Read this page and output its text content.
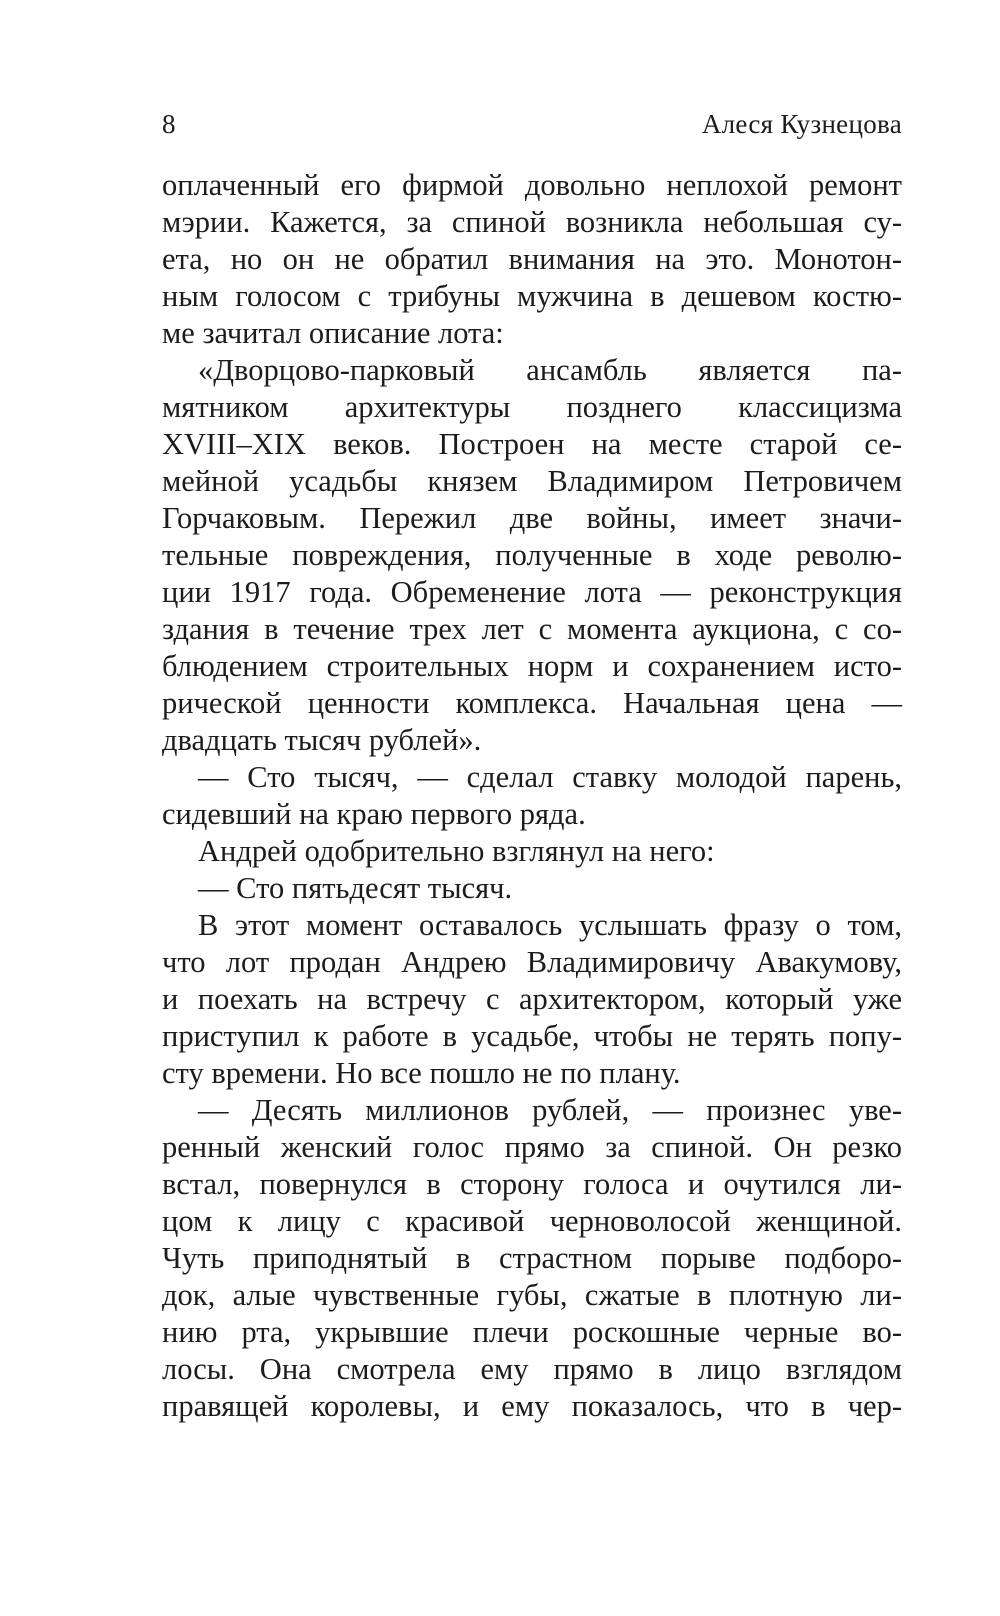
8	Алеся Кузнецова
оплаченный его фирмой довольно неплохой ремонт
мэрии. Кажется, за спиной возникла небольшая су-
ета, но он не обратил внимания на это. Монотон-
ным голосом с трибуны мужчина в дешевом костю-
ме зачитал описание лота:
«Дворцово-парковый ансамбль является па-
мятником архитектуры позднего классицизма
XVIII–XIX веков. Построен на месте старой се-
мейной усадьбы князем Владимиром Петровичем
Горчаковым. Пережил две войны, имеет значи-
тельные повреждения, полученные в ходе револю-
ции 1917 года. Обременение лота — реконструкция
здания в течение трех лет с момента аукциона, с со-
блюдением строительных норм и сохранением исто-
рической ценности комплекса. Начальная цена —
двадцать тысяч рублей».
— Сто тысяч, — сделал ставку молодой парень,
сидевший на краю первого ряда.
Андрей одобрительно взглянул на него:
— Сто пятьдесят тысяч.
В этот момент оставалось услышать фразу о том,
что лот продан Андрею Владимировичу Авакумову,
и поехать на встречу с архитектором, который уже
приступил к работе в усадьбе, чтобы не терять попу-
сту времени. Но все пошло не по плану.
— Десять миллионов рублей, — произнес уве-
ренный женский голос прямо за спиной. Он резко
встал, повернулся в сторону голоса и очутился ли-
цом к лицу с красивой черноволосой женщиной.
Чуть приподнятый в страстном порыве подборо-
док, алые чувственные губы, сжатые в плотную ли-
нию рта, укрывшие плечи роскошные черные во-
лосы. Она смотрела ему прямо в лицо взглядом
правящей королевы, и ему показалось, что в чер-
